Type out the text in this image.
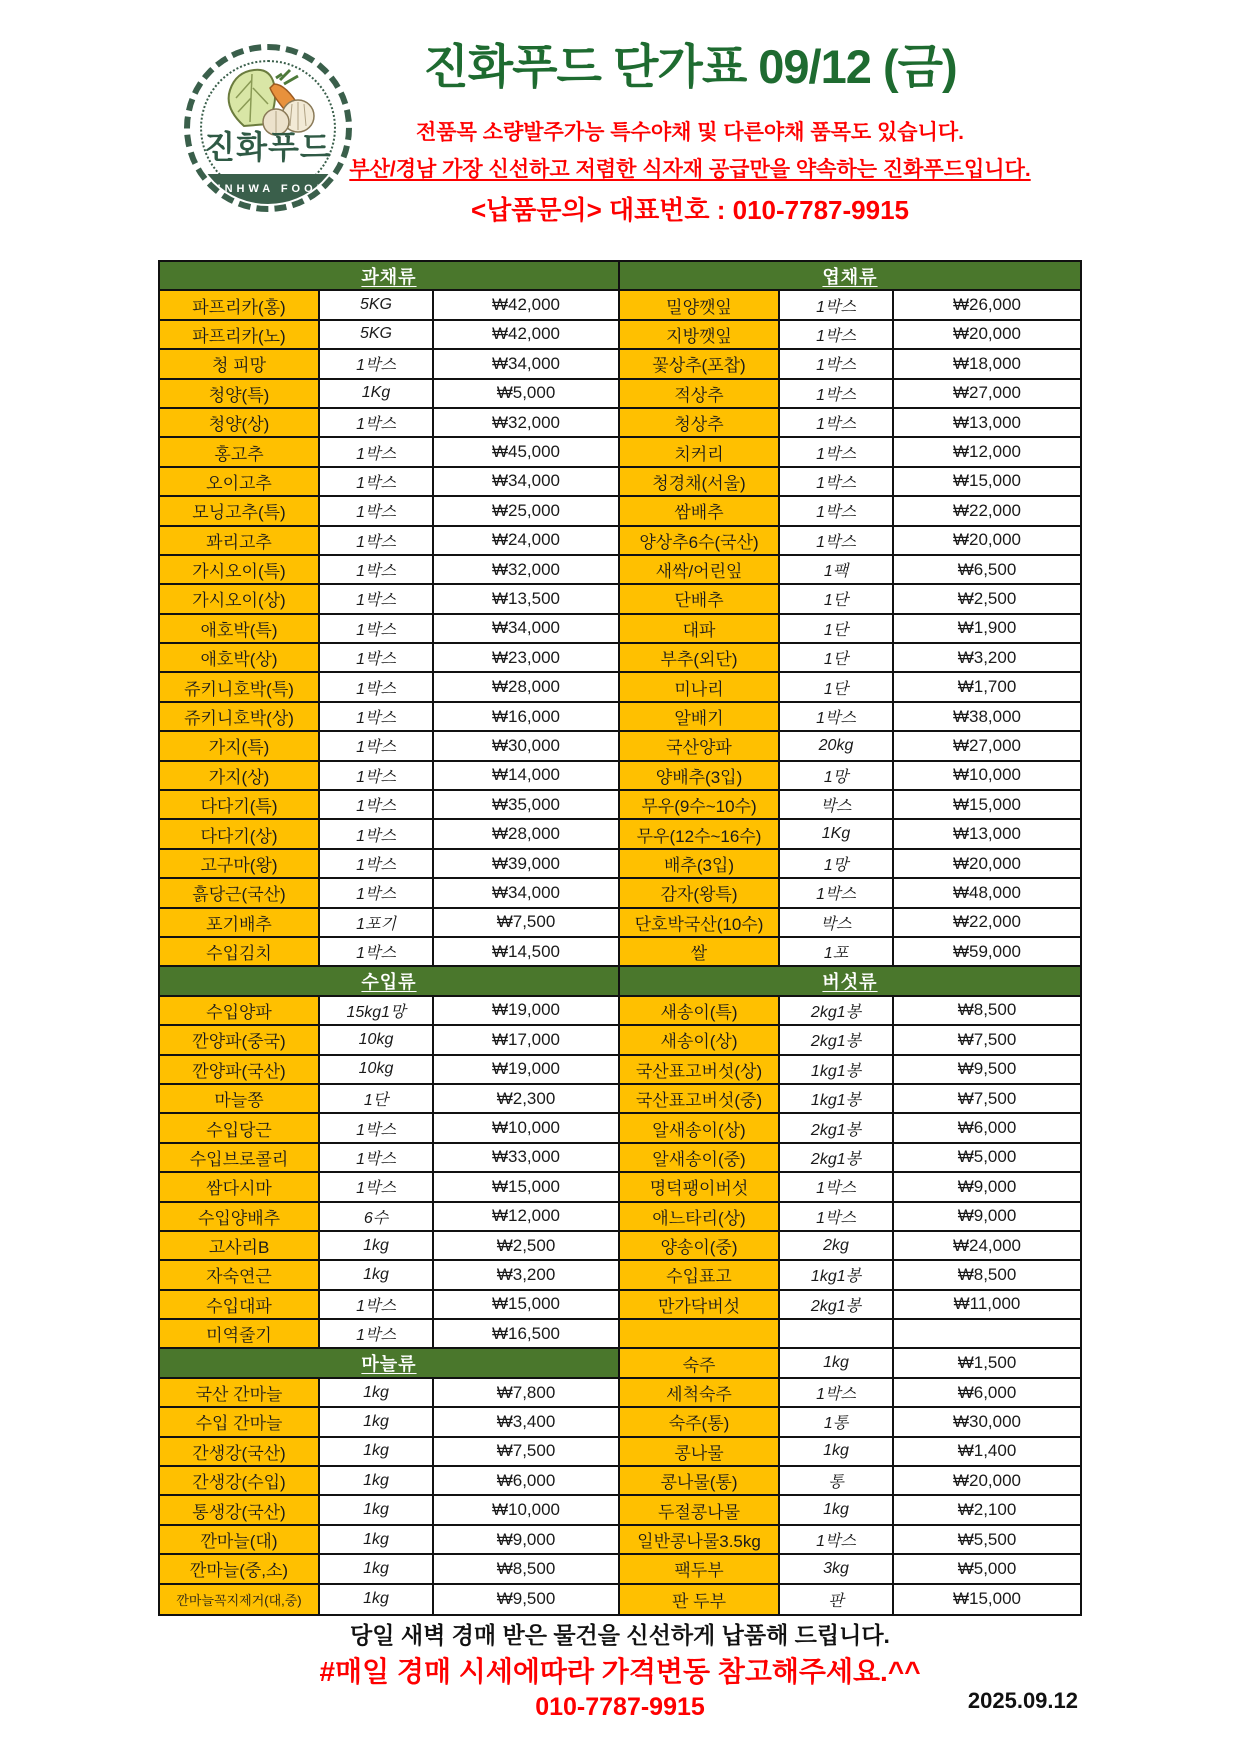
진화푸드
JINHWA FOOD
진화푸드 단가표 09/12 (금)

전품목 소량발주가능 특수야채 및 다른야채 품목도 있습니다.

부산/경남 가장 신선하고 저렴한 식자재 공급만을 약속하는 진화푸드입니다.

<납품문의> 대표번호 : 010-7787-9915

과채류
파프리카(홍)	5KG	₩42,000
파프리카(노)	5KG	₩42,000
청 피망	1박스	₩34,000
청양(특)	1Kg	₩5,000
청양(상)	1박스	₩32,000
홍고추	1박스	₩45,000
오이고추	1박스	₩34,000
모닝고추(특)	1박스	₩25,000
꽈리고추	1박스	₩24,000
가시오이(특)	1박스	₩32,000
가시오이(상)	1박스	₩13,500
애호박(특)	1박스	₩34,000
애호박(상)	1박스	₩23,000
쥬키니호박(특)	1박스	₩28,000
쥬키니호박(상)	1박스	₩16,000
가지(특)	1박스	₩30,000
가지(상)	1박스	₩14,000
다다기(특)	1박스	₩35,000
다다기(상)	1박스	₩28,000
고구마(왕)	1박스	₩39,000
흙당근(국산)	1박스	₩34,000
포기배추	1포기	₩7,500
수입김치	1박스	₩14,500
수입류
수입양파	15kg1망	₩19,000
깐양파(중국)	10kg	₩17,000
깐양파(국산)	10kg	₩19,000
마늘쫑	1단	₩2,300
수입당근	1박스	₩10,000
수입브로콜리	1박스	₩33,000
쌈다시마	1박스	₩15,000
수입양배추	6수	₩12,000
고사리B	1kg	₩2,500
자숙연근	1kg	₩3,200
수입대파	1박스	₩15,000
미역줄기	1박스	₩16,500
마늘류
국산 간마늘	1kg	₩7,800
수입 간마늘	1kg	₩3,400
간생강(국산)	1kg	₩7,500
간생강(수입)	1kg	₩6,000
통생강(국산)	1kg	₩10,000
깐마늘(대)	1kg	₩9,000
깐마늘(중,소)	1kg	₩8,500
깐마늘꼭지제거(대,중)	1kg	₩9,500
엽채류
밀양깻잎	1박스	₩26,000
지방깻잎	1박스	₩20,000
꽃상추(포찹)	1박스	₩18,000
적상추	1박스	₩27,000
청상추	1박스	₩13,000
치커리	1박스	₩12,000
청경채(서울)	1박스	₩15,000
쌈배추	1박스	₩22,000
양상추6수(국산)	1박스	₩20,000
새싹/어린잎	1팩	₩6,500
단배추	1단	₩2,500
대파	1단	₩1,900
부추(외단)	1단	₩3,200
미나리	1단	₩1,700
알배기	1박스	₩38,000
국산양파	20kg	₩27,000
양배추(3입)	1망	₩10,000
무우(9수~10수)	박스	₩15,000
무우(12수~16수)	1Kg	₩13,000
배추(3입)	1망	₩20,000
감자(왕특)	1박스	₩48,000
단호박국산(10수)	박스	₩22,000
쌀	1포	₩59,000
버섯류
새송이(특)	2kg1봉	₩8,500
새송이(상)	2kg1봉	₩7,500
국산표고버섯(상)	1kg1봉	₩9,500
국산표고버섯(중)	1kg1봉	₩7,500
알새송이(상)	2kg1봉	₩6,000
알새송이(중)	2kg1봉	₩5,000
명덕팽이버섯	1박스	₩9,000
애느타리(상)	1박스	₩9,000
양송이(중)	2kg	₩24,000
수입표고	1kg1봉	₩8,500
만가닥버섯	2kg1봉	₩11,000
숙주	1kg	₩1,500
세척숙주	1박스	₩6,000
숙주(통)	1통	₩30,000
콩나물	1kg	₩1,400
콩나물(통)	통	₩20,000
두절콩나물	1kg	₩2,100
일반콩나물3.5kg	1박스	₩5,500
팩두부	3kg	₩5,000
판 두부	판	₩15,000
당일 새벽 경매 받은 물건을 신선하게 납품해 드립니다.
#매일 경매 시세에따라 가격변동 참고해주세요.^^
010-7787-9915	2025.09.12
